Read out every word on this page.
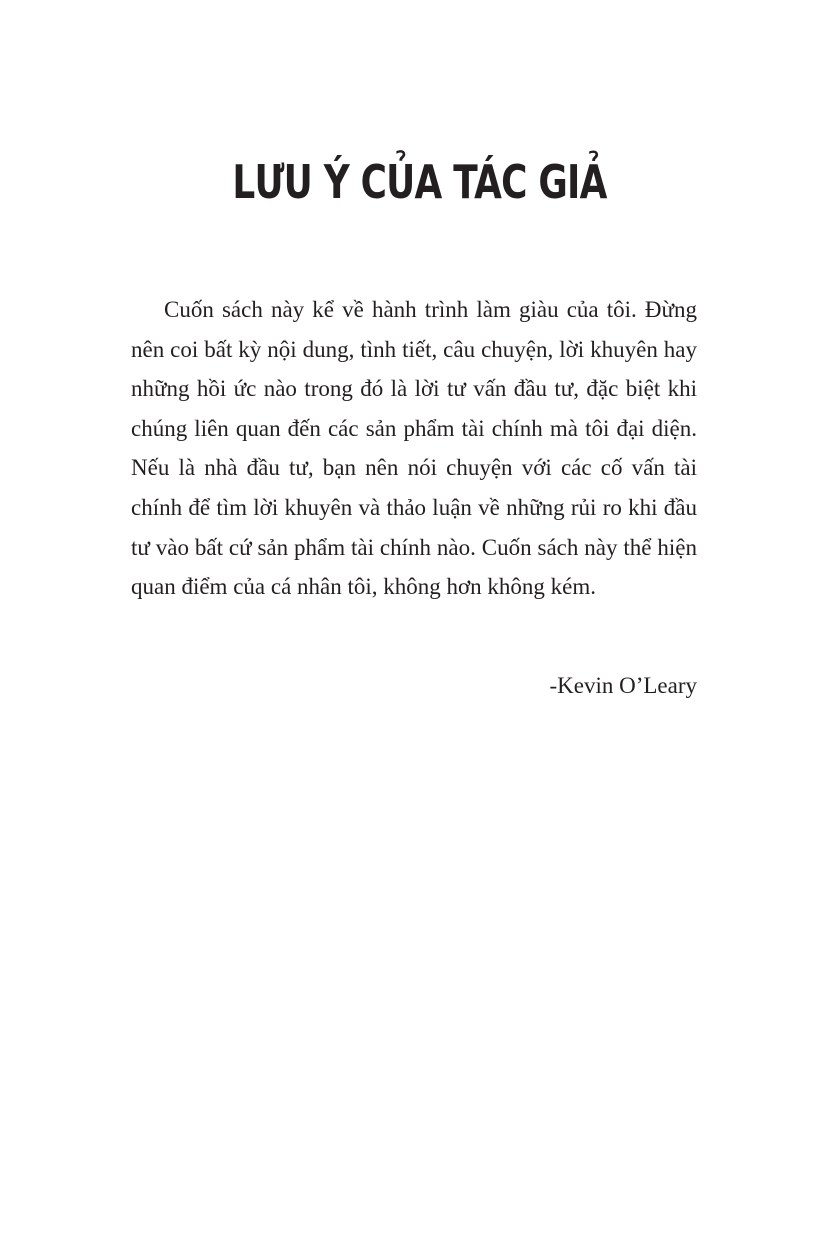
LƯU Ý CỦA TÁC GIẢ

Cuốn sách này kể về hành trình làm giàu của tôi. Đừng nên coi bất kỳ nội dung, tình tiết, câu chuyện, lời khuyên hay những hồi ức nào trong đó là lời tư vấn đầu tư, đặc biệt khi chúng liên quan đến các sản phẩm tài chính mà tôi đại diện. Nếu là nhà đầu tư, bạn nên nói chuyện với các cố vấn tài chính để tìm lời khuyên và thảo luận về những rủi ro khi đầu tư vào bất cứ sản phẩm tài chính nào. Cuốn sách này thể hiện quan điểm của cá nhân tôi, không hơn không kém.

-Kevin O’Leary
